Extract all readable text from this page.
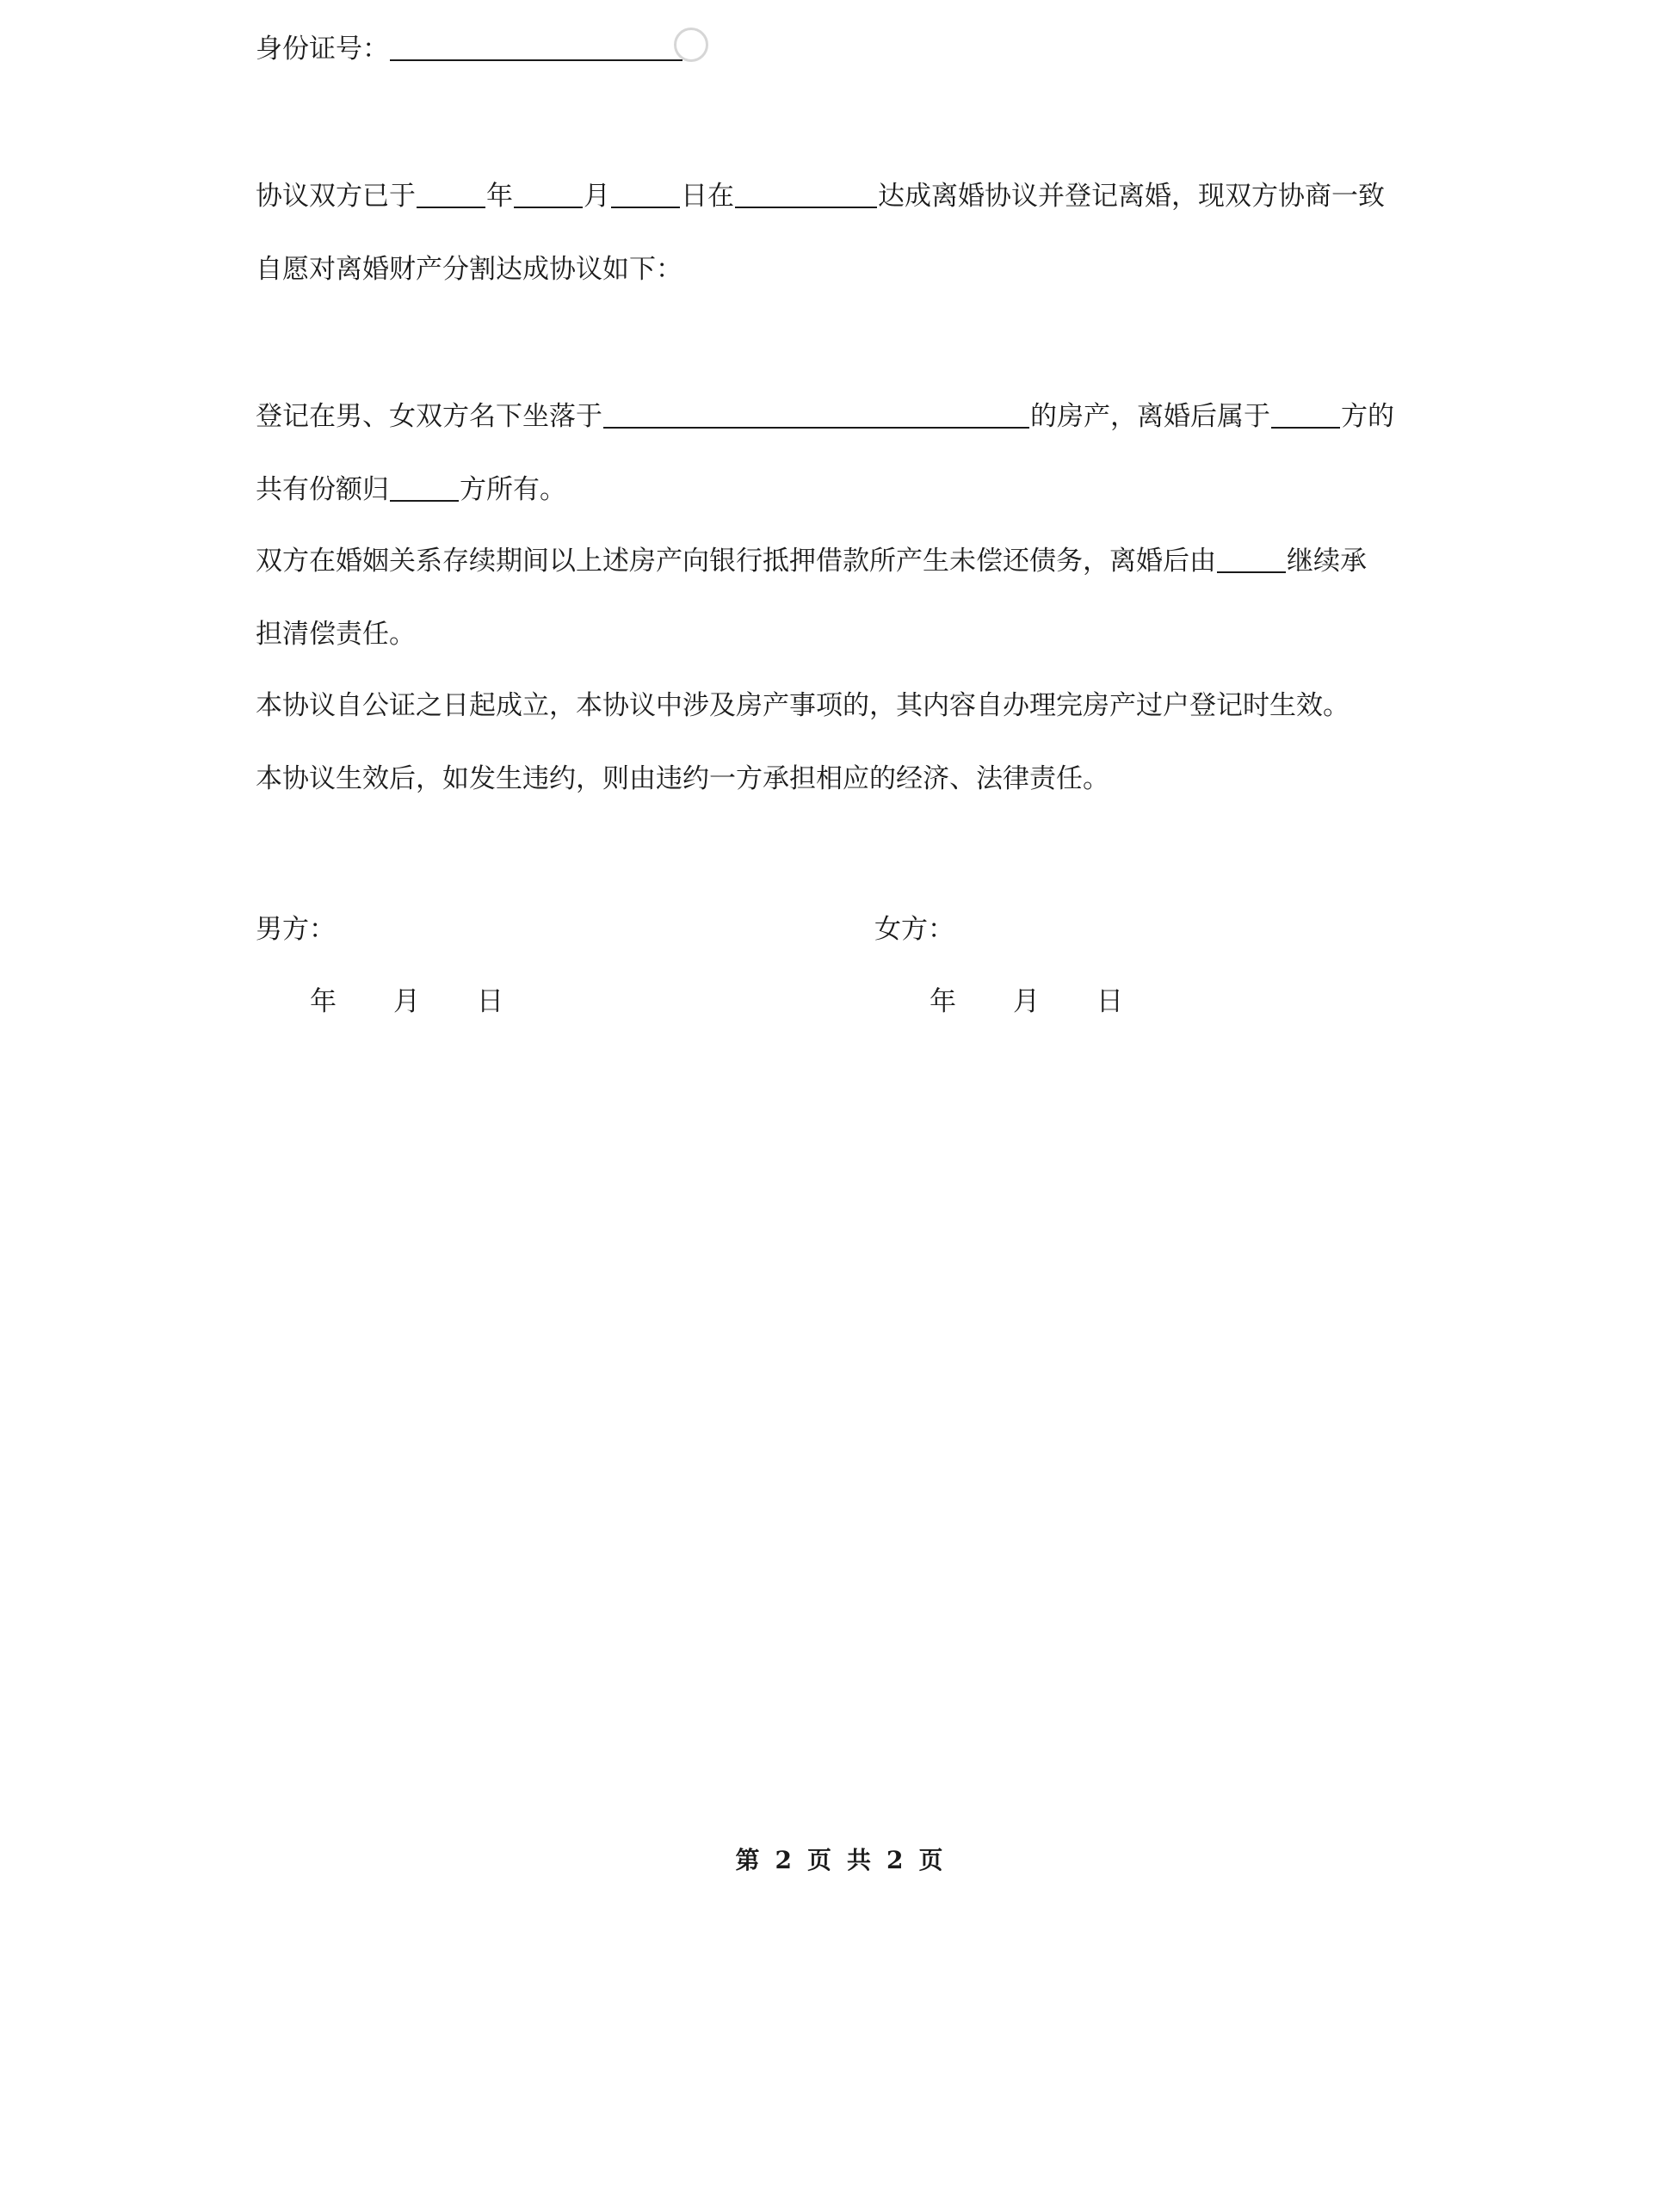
身份证号：
协议双方已于	年	月	日在	达成离婚协议并登记离婚，现双方协商一致
自愿对离婚财产分割达成协议如下：
登记在男、女双方名下坐落于	的房产，离婚后属于	方的
共有份额归	方所有。
双方在婚姻关系存续期间以上述房产向银行抵押借款所产生未偿还债务，离婚后由	继续承
担清偿责任。
本协议自公证之日起成立，本协议中涉及房产事项的，其内容自办理完房产过户登记时生效。
本协议生效后，如发生违约，则由违约一方承担相应的经济、法律责任。
男方：	女方：
年 月 日	年 月 日
第 2 页 共 2 页
